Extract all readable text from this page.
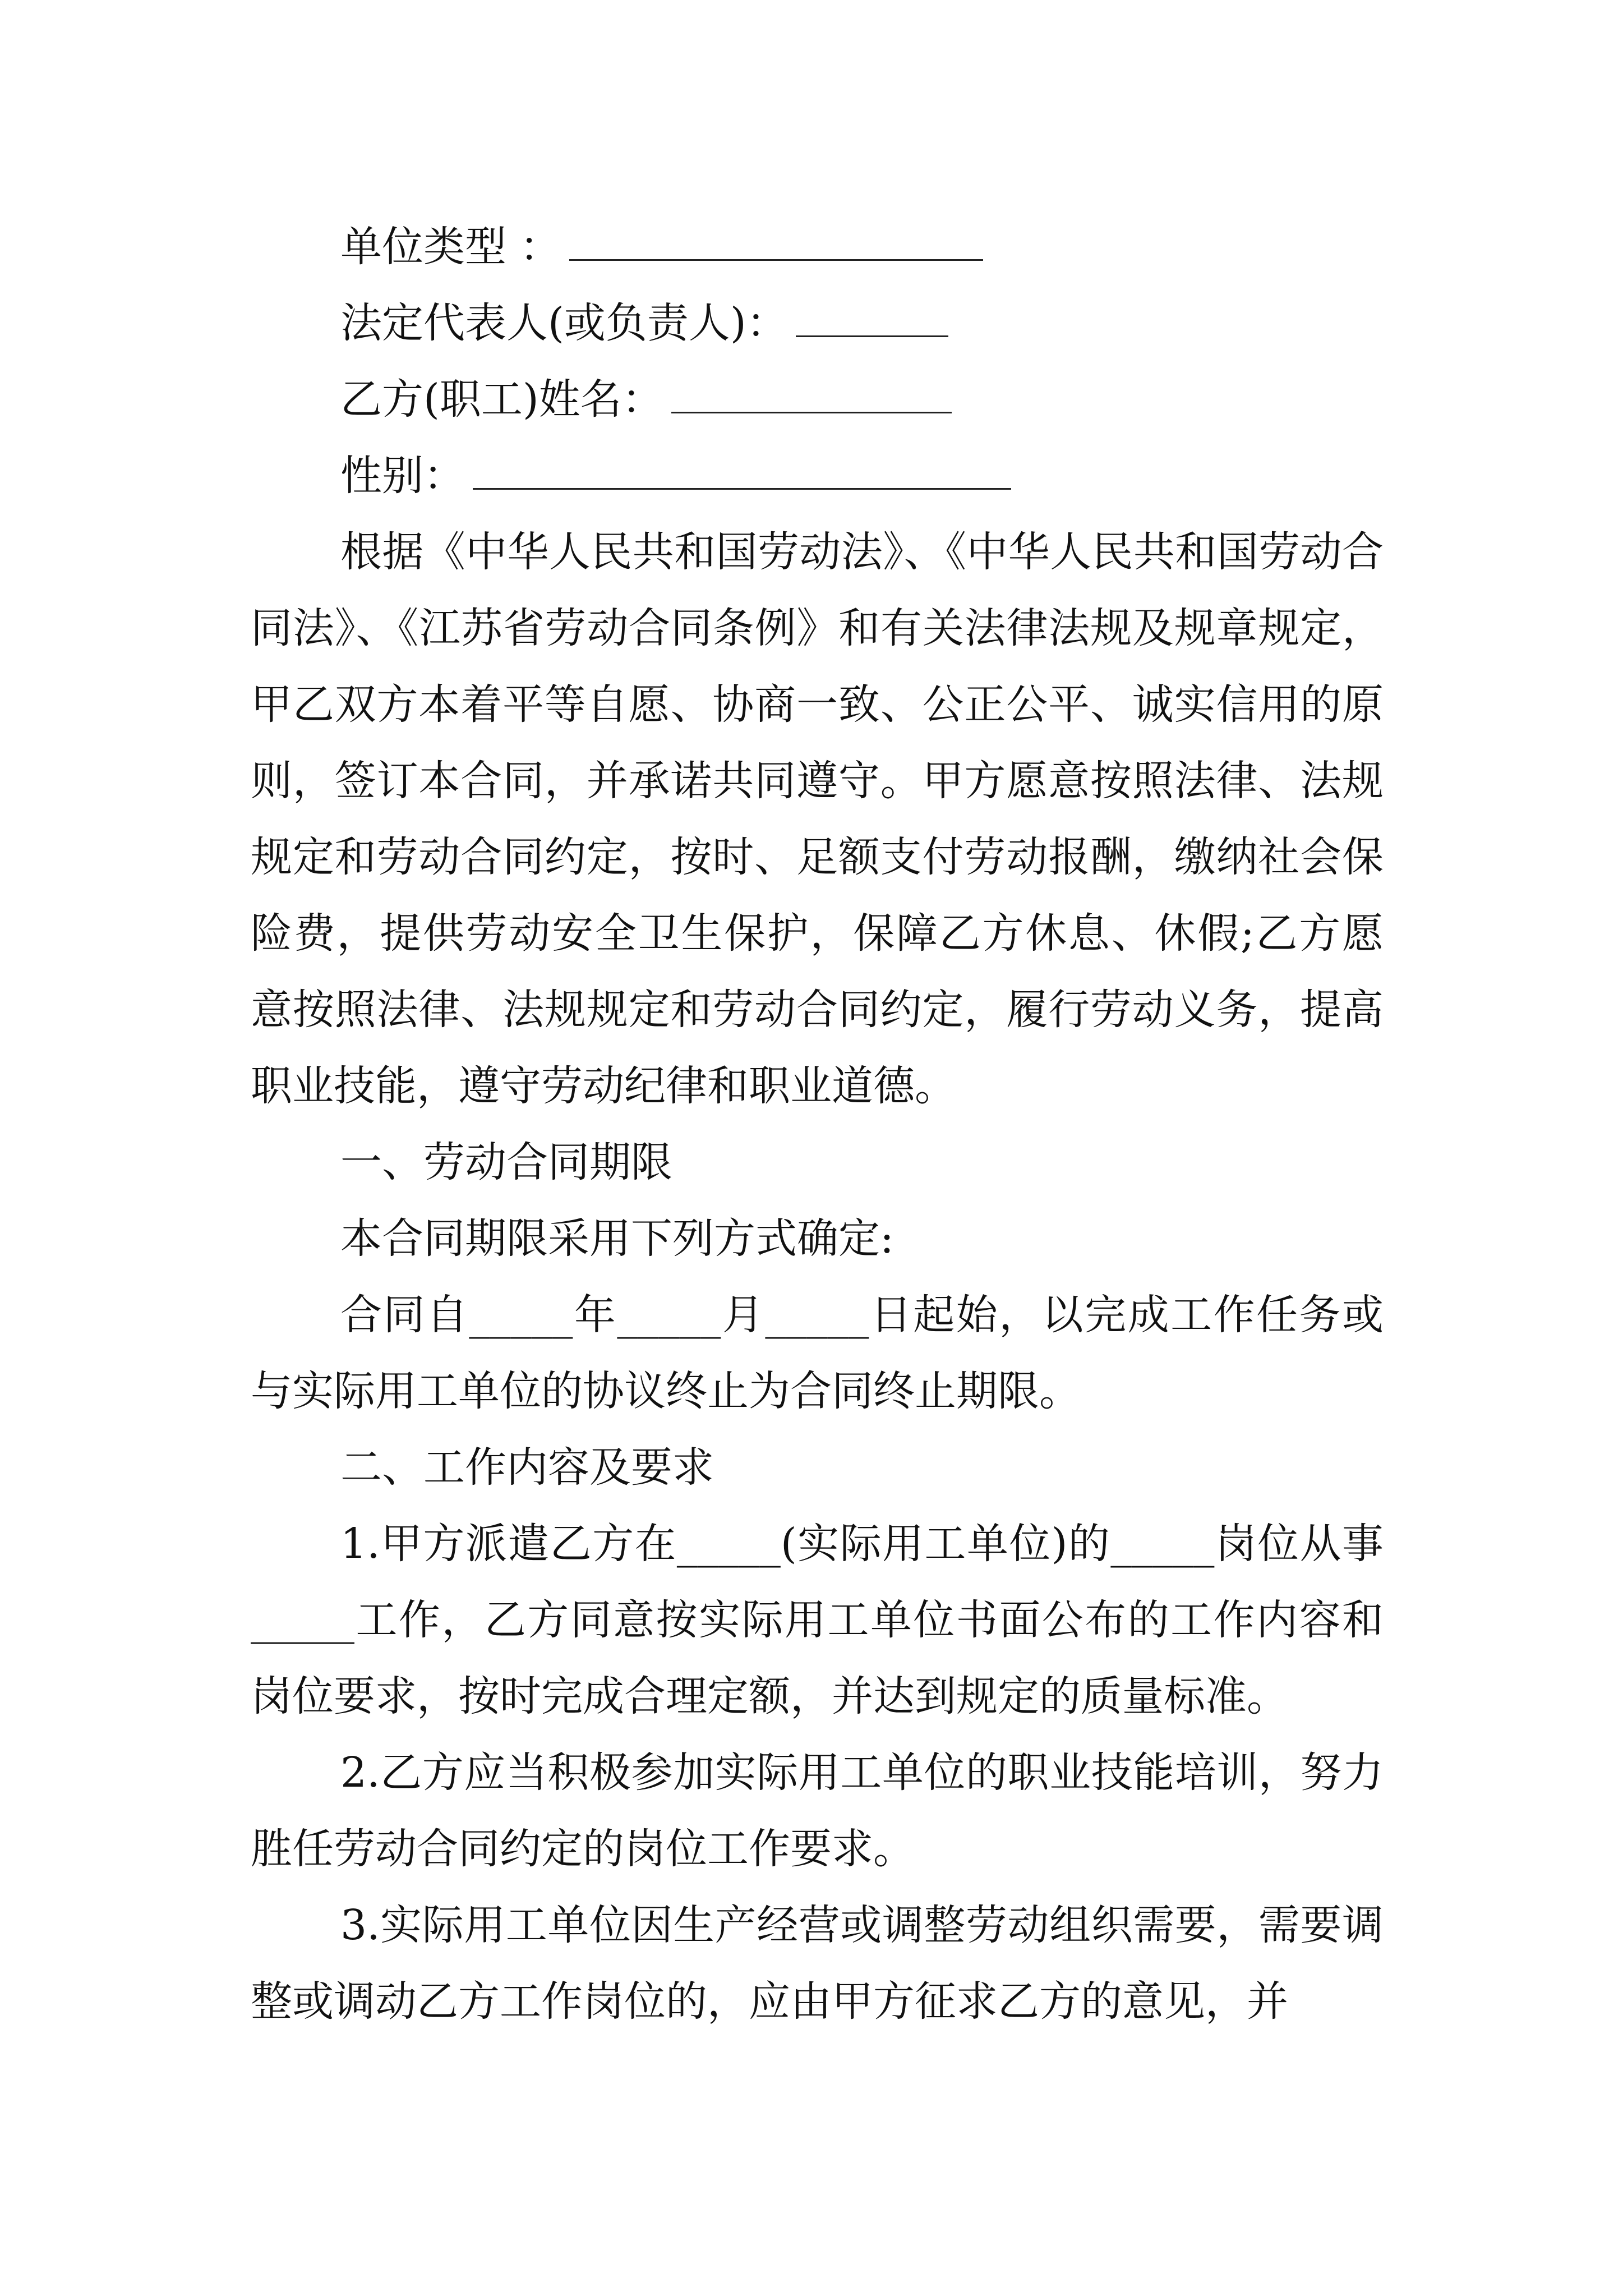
单位类型 ：
法定代表人(或负责人)：
乙方(职工)姓名：
性别：

根据《中华人民共和国劳动法》、《中华人民共和国劳动合同法》、《江苏省劳动合同条例》和有关法律法规及规章规定，甲乙双方本着平等自愿、协商一致、公正公平、诚实信用的原则，签订本合同，并承诺共同遵守。甲方愿意按照法律、法规规定和劳动合同约定，按时、足额支付劳动报酬，缴纳社会保险费，提供劳动安全卫生保护，保障乙方休息、休假;乙方愿意按照法律、法规规定和劳动合同约定，履行劳动义务，提高职业技能，遵守劳动纪律和职业道德。

一、劳动合同期限

本合同期限采用下列方式确定:

合同自_____年_____月_____日起始，以完成工作任务或与实际用工单位的协议终止为合同终止期限。

二、工作内容及要求

1.甲方派遣乙方在_____(实际用工单位)的_____岗位从事_____工作，乙方同意按实际用工单位书面公布的工作内容和岗位要求，按时完成合理定额，并达到规定的质量标准。

2.乙方应当积极参加实际用工单位的职业技能培训，努力胜任劳动合同约定的岗位工作要求。

3.实际用工单位因生产经营或调整劳动组织需要，需要调整或调动乙方工作岗位的，应由甲方征求乙方的意见，并
